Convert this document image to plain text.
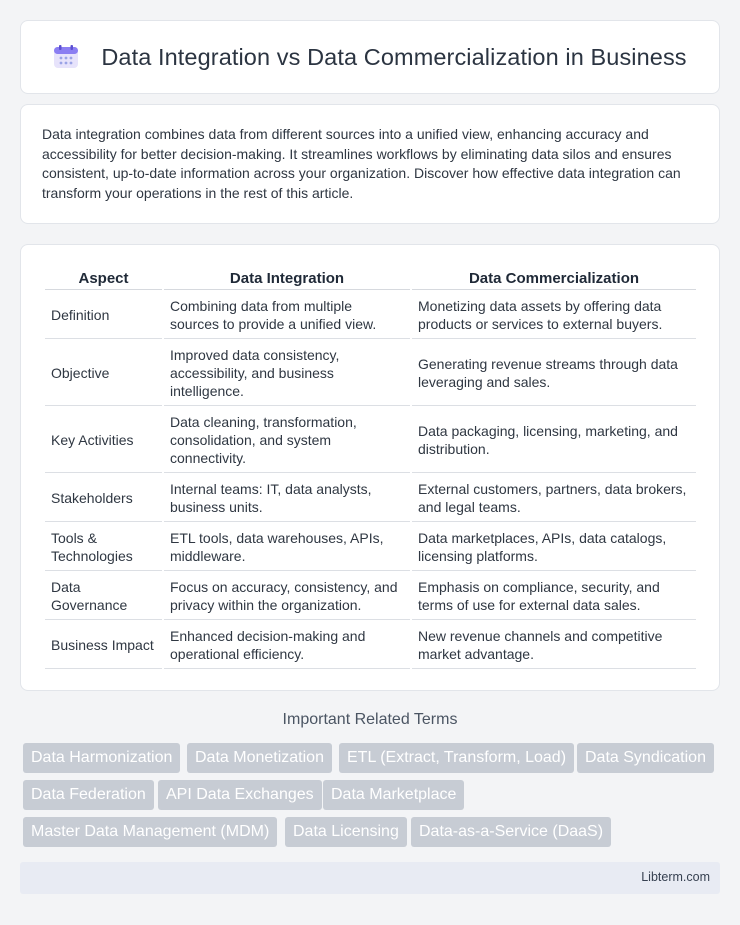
Data Integration vs Data Commercialization in Business

Data integration combines data from different sources into a unified view, enhancing accuracy and accessibility for better decision-making. It streamlines workflows by eliminating data silos and ensures consistent, up-to-date information across your organization. Discover how effective data integration can transform your operations in the rest of this article.

Aspect	Data Integration	Data Commercialization
Definition	Combining data from multiple sources to provide a unified view.	Monetizing data assets by offering data products or services to external buyers.
Objective	Improved data consistency, accessibility, and business intelligence.	Generating revenue streams through data leveraging and sales.
Key Activities	Data cleaning, transformation, consolidation, and system connectivity.	Data packaging, licensing, marketing, and distribution.
Stakeholders	Internal teams: IT, data analysts, business units.	External customers, partners, data brokers, and legal teams.
Tools & Technologies	ETL tools, data warehouses, APIs, middleware.	Data marketplaces, APIs, data catalogs, licensing platforms.
Data Governance	Focus on accuracy, consistency, and privacy within the organization.	Emphasis on compliance, security, and terms of use for external data sales.
Business Impact	Enhanced decision-making and operational efficiency.	New revenue channels and competitive market advantage.
Important Related Terms
Data Harmonization	Data Monetization	ETL (Extract, Transform, Load)	Data Syndication
Data Federation	API Data Exchanges	Data Marketplace
Master Data Management (MDM)	Data Licensing	Data-as-a-Service (DaaS)
Libterm.com
